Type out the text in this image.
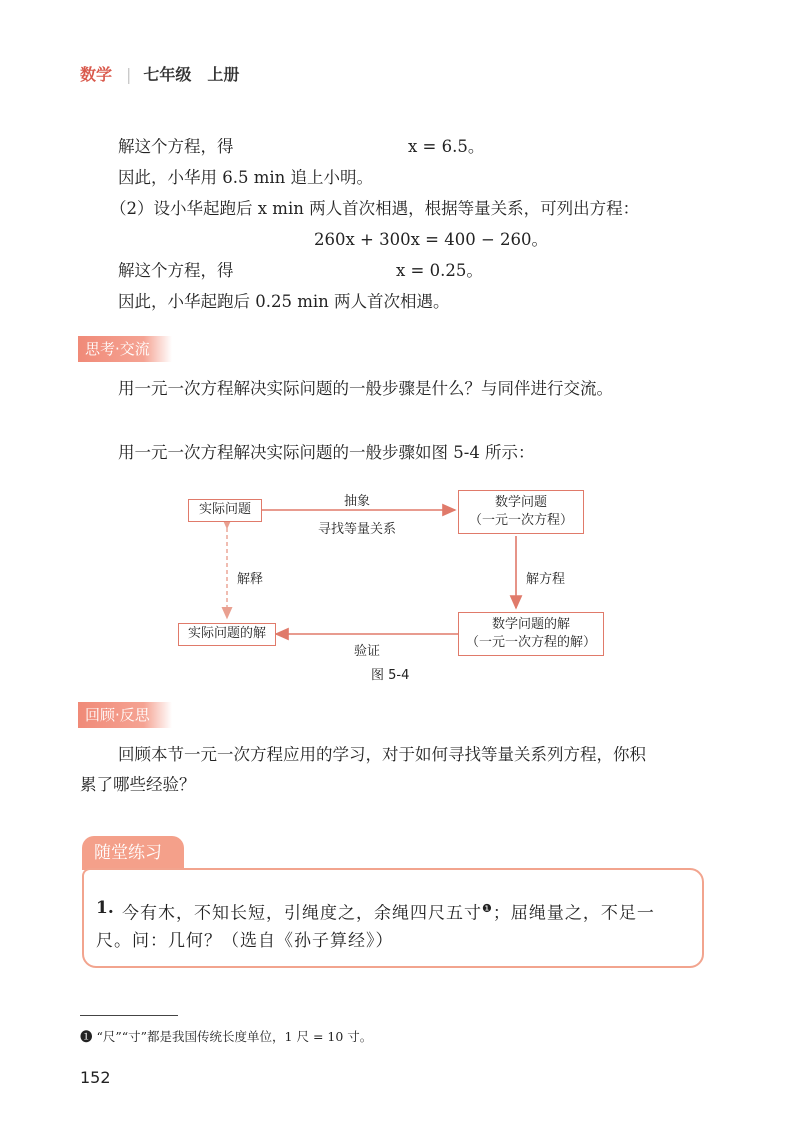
数学 | 七年级　上册
解这个方程，得	x = 6.5。
因此，小华用 6.5 min 追上小明。
（2）设小华起跑后 x min 两人首次相遇，根据等量关系，可列出方程：
260x + 300x = 400 − 260。
解这个方程，得	x = 0.25。
因此，小华起跑后 0.25 min 两人首次相遇。
思考·交流
用一元一次方程解决实际问题的一般步骤是什么？与同伴进行交流。
用一元一次方程解决实际问题的一般步骤如图 5-4 所示：
实际问题	数学问题
（一元一次方程）
数学问题的解
（一元一次方程的解）
实际问题的解
抽象
寻找等量关系
解方程
验证
解释
图 5-4
回顾·反思
回顾本节一元一次方程应用的学习，对于如何寻找等量关系列方程，你积
累了哪些经验？
随堂练习
1. 今有木，不知长短，引绳度之，余绳四尺五寸$^❶$；屈绳量之，不足一
尺。问：几何？（选自《孙子算经》）
❶ “尺”“寸”都是我国传统长度单位，1 尺 = 10 寸。
152
